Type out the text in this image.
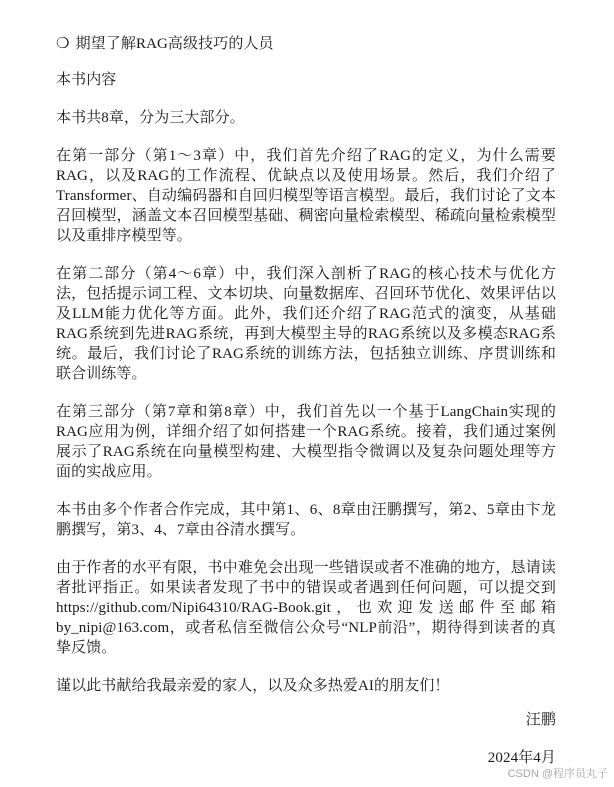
❍ 期望了解RAG高级技巧的人员
本书内容

本书共8章，分为三大部分。

在第一部分（第1～3章）中，我们首先介绍了RAG的定义，为什么需要RAG，以及RAG的工作流程、优缺点以及使用场景。然后，我们介绍了Transformer、自动编码器和自回归模型等语言模型。最后，我们讨论了文本召回模型，涵盖文本召回模型基础、稠密向量检索模型、稀疏向量检索模型以及重排序模型等。

在第二部分（第4～6章）中，我们深入剖析了RAG的核心技术与优化方法，包括提示词工程、文本切块、向量数据库、召回环节优化、效果评估以及LLM能力优化等方面。此外，我们还介绍了RAG范式的演变，从基础RAG系统到先进RAG系统，再到大模型主导的RAG系统以及多模态RAG系统。最后，我们讨论了RAG系统的训练方法，包括独立训练、序贯训练和联合训练等。

在第三部分（第7章和第8章）中，我们首先以一个基于LangChain实现的RAG应用为例，详细介绍了如何搭建一个RAG系统。接着，我们通过案例展示了RAG系统在向量模型构建、大模型指令微调以及复杂问题处理等方面的实战应用。

本书由多个作者合作完成，其中第1、6、8章由汪鹏撰写，第2、5章由卞龙鹏撰写，第3、4、7章由谷清水撰写。

由于作者的水平有限，书中难免会出现一些错误或者不准确的地方，恳请读者批评指正。如果读者发现了书中的错误或者遇到任何问题，可以提交到https://github.com/Nipi64310/RAG-Book.git，也欢迎发送邮件至邮箱by_nipi@163.com，或者私信至微信公众号“NLP前沿”，期待得到读者的真挚反馈。

谨以此书献给我最亲爱的家人，以及众多热爱AI的朋友们！

汪鹏
2024年4月
CSDN @程序员丸子
